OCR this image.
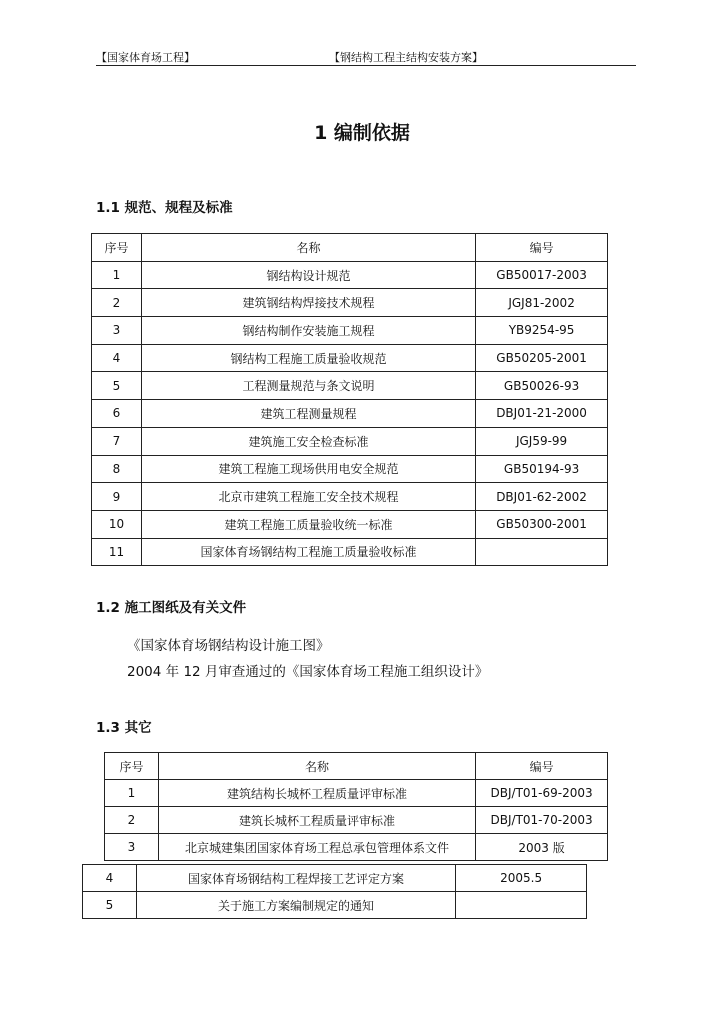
【国家体育场工程】	【钢结构工程主结构安装方案】
1 编制依据
1.1 规范、规程及标准
序号	名称	编号
1	钢结构设计规范	GB50017-2003
2	建筑钢结构焊接技术规程	JGJ81-2002
3	钢结构制作安装施工规程	YB9254-95
4	钢结构工程施工质量验收规范	GB50205-2001
5	工程测量规范与条文说明	GB50026-93
6	建筑工程测量规程	DBJ01-21-2000
7	建筑施工安全检查标准	JGJ59-99
8	建筑工程施工现场供用电安全规范	GB50194-93
9	北京市建筑工程施工安全技术规程	DBJ01-62-2002
10	建筑工程施工质量验收统一标准	GB50300-2001
11	国家体育场钢结构工程施工质量验收标准	
1.2 施工图纸及有关文件
《国家体育场钢结构设计施工图》
2004 年 12 月审查通过的《国家体育场工程施工组织设计》
1.3 其它
序号	名称	编号
1	建筑结构长城杯工程质量评审标准	DBJ/T01-69-2003
2	建筑长城杯工程质量评审标准	DBJ/T01-70-2003
3	北京城建集团国家体育场工程总承包管理体系文件	2003 版
4	国家体育场钢结构工程焊接工艺评定方案	2005.5
5	关于施工方案编制规定的通知	
